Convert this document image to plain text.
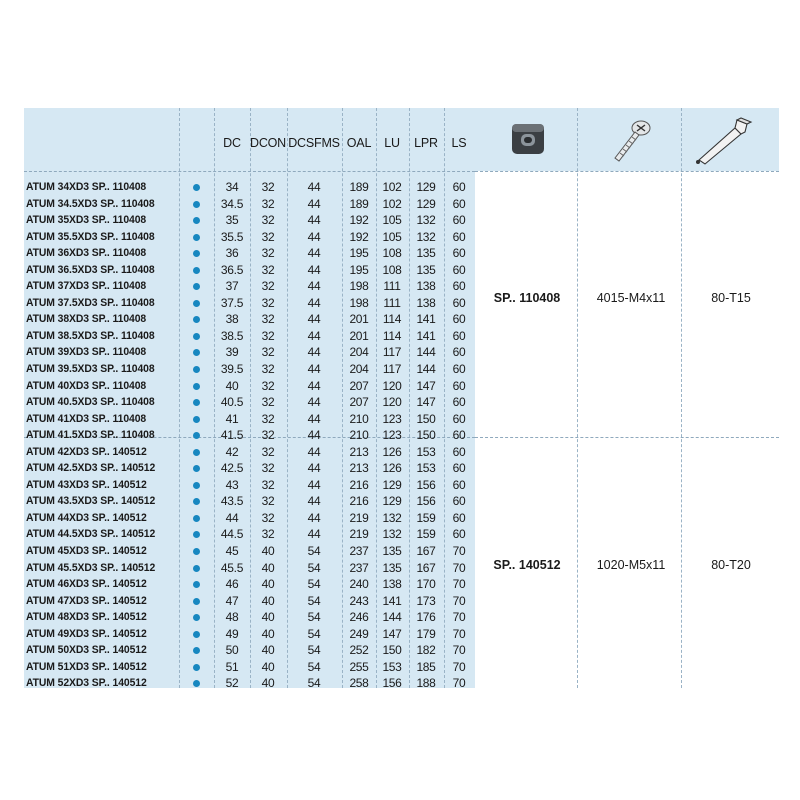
DC DCON DCSFMS OAL LU LPR LS
ATUM 34XD3 SP.. 110408	34 32	44 189 102 129 60
ATUM 34.5XD3 SP.. 110408	34.5 32	44 189 102 129 60
ATUM 35XD3 SP.. 110408	35 32	44 192 105 132 60
ATUM 35.5XD3 SP.. 110408	35.5 32	44 192 105 132 60
ATUM 36XD3 SP.. 110408	36 32	44 195 108 135 60
ATUM 36.5XD3 SP.. 110408	36.5 32	44 195 108 135 60
ATUM 37XD3 SP.. 110408	37 32	44 198 111 138 60
ATUM 37.5XD3 SP.. 110408	37.5 32	44 198 111 138 60
ATUM 38XD3 SP.. 110408	38 32	44 201 114 141 60
ATUM 38.5XD3 SP.. 110408	38.5 32	44 201 114 141 60
ATUM 39XD3 SP.. 110408	39 32	44 204 117 144 60
ATUM 39.5XD3 SP.. 110408	39.5 32	44 204 117 144 60
ATUM 40XD3 SP.. 110408	40 32	44 207 120 147 60
ATUM 40.5XD3 SP.. 110408	40.5 32	44 207 120 147 60
ATUM 41XD3 SP.. 110408	41 32	44 210 123 150 60
ATUM 41.5XD3 SP.. 110408	41.5 32	44 210 123 150 60
ATUM 42XD3 SP.. 140512	42 32	44 213 126 153 60
ATUM 42.5XD3 SP.. 140512	42.5 32	44 213 126 153 60
ATUM 43XD3 SP.. 140512	43 32	44 216 129 156 60
ATUM 43.5XD3 SP.. 140512	43.5 32	44 216 129 156 60
ATUM 44XD3 SP.. 140512	44 32	44 219 132 159 60
ATUM 44.5XD3 SP.. 140512	44.5 32	44 219 132 159 60
ATUM 45XD3 SP.. 140512	45 40	54 237 135 167 70
ATUM 45.5XD3 SP.. 140512	45.5 40	54 237 135 167 70
ATUM 46XD3 SP.. 140512	46 40	54 240 138 170 70
ATUM 47XD3 SP.. 140512	47 40	54 243 141 173 70
ATUM 48XD3 SP.. 140512	48 40	54 246 144 176 70
ATUM 49XD3 SP.. 140512	49 40	54 249 147 179 70
ATUM 50XD3 SP.. 140512	50 40	54 252 150 182 70
ATUM 51XD3 SP.. 140512	51 40	54 255 153 185 70
ATUM 52XD3 SP.. 140512	52 40	54 258 156 188 70
SP.. 110408	4015-M4x11	80-T15
SP.. 140512	1020-M5x11	80-T20
